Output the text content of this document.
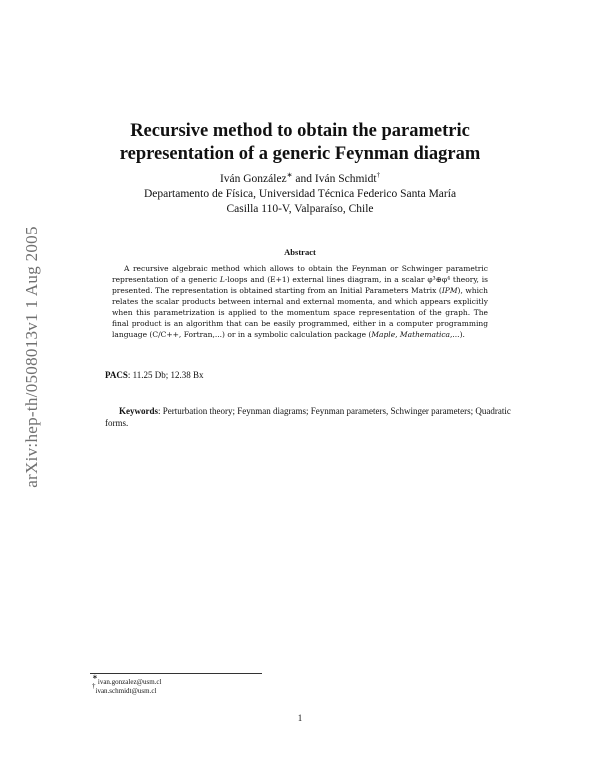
arXiv:hep-th/0508013v1 1 Aug 2005
Recursive method to obtain the parametric
representation of a generic Feynman diagram
Iván González∗ and Iván Schmidt†
Departamento de Física, Universidad Técnica Federico Santa María
Casilla 110-V, Valparaíso, Chile
Abstract
A recursive algebraic method which allows to obtain the Feynman or Schwinger parametric representation of a generic L-loops and (E+1) external lines diagram, in a scalar φ³⊕φ⁴ theory, is presented. The representation is obtained starting from an Initial Parameters Matrix (IPM), which relates the scalar products between internal and external momenta, and which appears explicitly when this parametrization is applied to the momentum space representation of the graph. The final product is an algorithm that can be easily programmed, either in a computer programming language (C/C++, Fortran,...) or in a symbolic calculation package (Maple, Mathematica,...).
PACS: 11.25 Db; 12.38 Bx
Keywords: Perturbation theory; Feynman diagrams; Feynman parameters, Schwinger parameters; Quadratic forms.
∗ivan.gonzalez@usm.cl
†ivan.schmidt@usm.cl
1
